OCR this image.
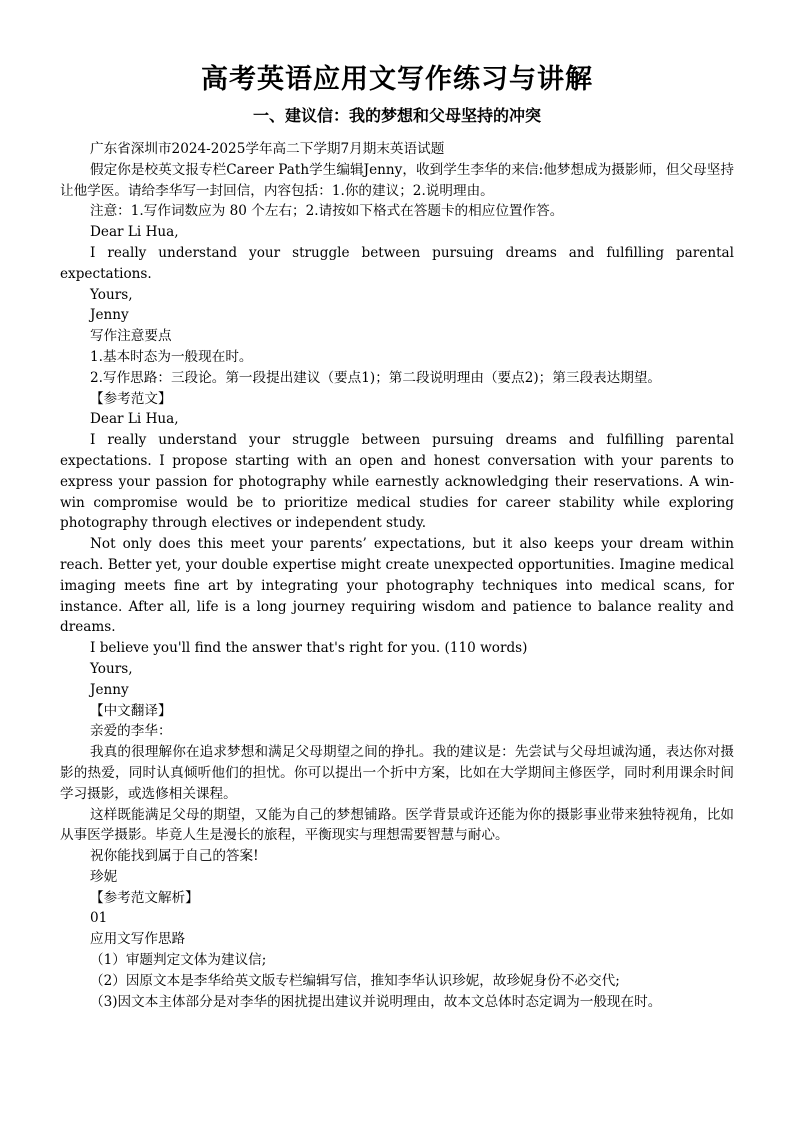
高考英语应用文写作练习与讲解
一、建议信：我的梦想和父母坚持的冲突

广东省深圳市2024-2025学年高二下学期7月期末英语试题

假定你是校英文报专栏Career Path学生编辑Jenny，收到学生李华的来信:他梦想成为摄影师，但父母坚持让他学医。请给李华写一封回信，内容包括：1.你的建议；2.说明理由。

注意：1.写作词数应为 80 个左右；2.请按如下格式在答题卡的相应位置作答。

Dear Li Hua,

I really understand your struggle between pursuing dreams and fulfilling parental expectations.

Yours,

Jenny

写作注意要点

1.基本时态为一般现在时。

2.写作思路：三段论。第一段提出建议（要点1)；第二段说明理由（要点2)；第三段表达期望。

【参考范文】

Dear Li Hua,

I really understand your struggle between pursuing dreams and fulfilling parental expectations. I propose starting with an open and honest conversation with your parents to express your passion for photography while earnestly acknowledging their reservations. A win-win compromise would be to prioritize medical studies for career stability while exploring photography through electives or independent study.

Not only does this meet your parents’ expectations, but it also keeps your dream within reach. Better yet, your double expertise might create unexpected opportunities. Imagine medical imaging meets fine art by integrating your photography techniques into medical scans, for instance. After all, life is a long journey requiring wisdom and patience to balance reality and dreams.

I believe you'll find the answer that's right for you. (110 words)

Yours,

Jenny

【中文翻译】

亲爱的李华：

我真的很理解你在追求梦想和满足父母期望之间的挣扎。我的建议是：先尝试与父母坦诚沟通，表达你对摄影的热爱，同时认真倾听他们的担忧。你可以提出一个折中方案，比如在大学期间主修医学，同时利用课余时间学习摄影，或选修相关课程。

这样既能满足父母的期望，又能为自己的梦想铺路。医学背景或许还能为你的摄影事业带来独特视角，比如从事医学摄影。毕竟人生是漫长的旅程，平衡现实与理想需要智慧与耐心。

祝你能找到属于自己的答案!

珍妮

【参考范文解析】

01

应用文写作思路

（1）审题判定文体为建议信;

（2）因原文本是李华给英文版专栏编辑写信，推知李华认识珍妮，故珍妮身份不必交代;

（3)因文本主体部分是对李华的困扰提出建议并说明理由，故本文总体时态定调为一般现在时。
